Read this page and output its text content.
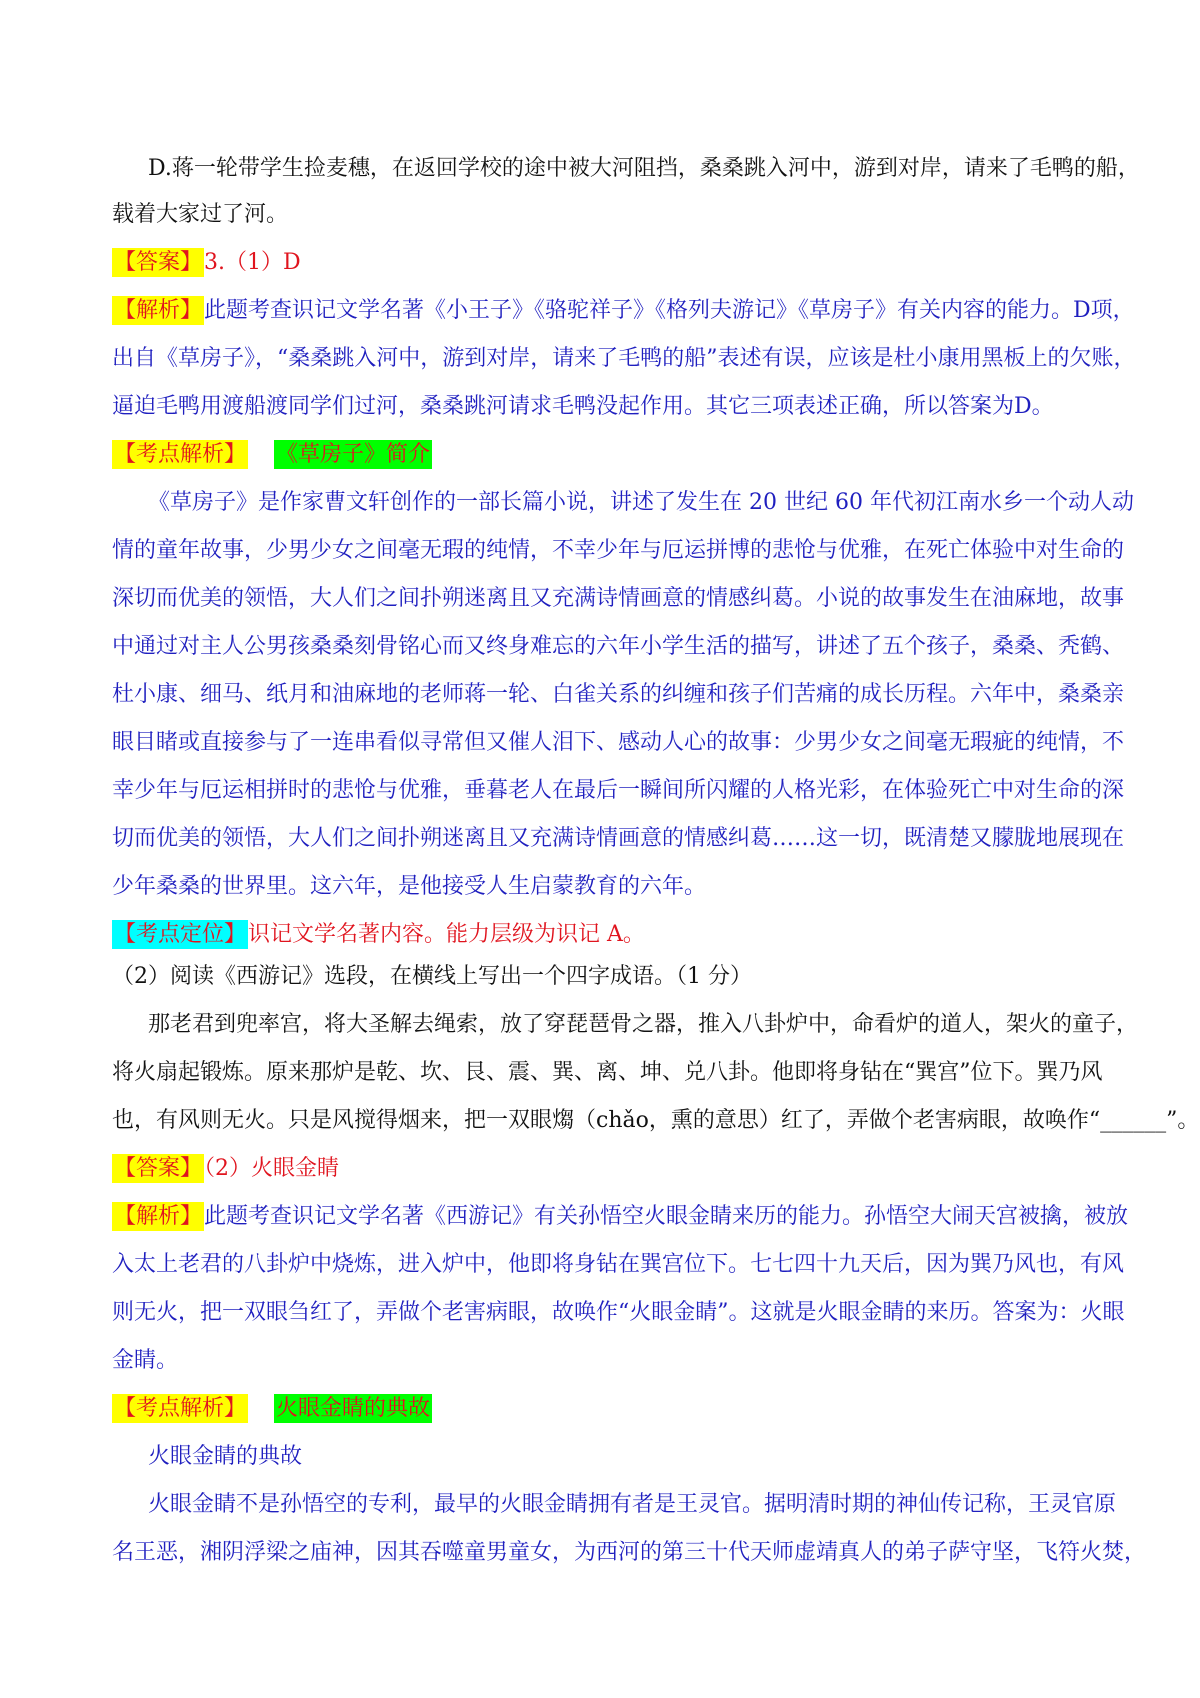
D.蒋一轮带学生捡麦穗，在返回学校的途中被大河阻挡，桑桑跳入河中，游到对岸，请来了毛鸭的船，
载着大家过了河。
【答案】3.（1）D
【解析】此题考查识记文学名著《小王子》《骆驼祥子》《格列夫游记》《草房子》有关内容的能力。D项，
出自《草房子》，“桑桑跳入河中，游到对岸，请来了毛鸭的船”表述有误，应该是杜小康用黑板上的欠账，
逼迫毛鸭用渡船渡同学们过河，桑桑跳河请求毛鸭没起作用。其它三项表述正确，所以答案为D。
【考点解析】 《草房子》简介
《草房子》是作家曹文轩创作的一部长篇小说，讲述了发生在 20 世纪 60 年代初江南水乡一个动人动
情的童年故事，少男少女之间毫无瑕的纯情，不幸少年与厄运拼博的悲怆与优雅，在死亡体验中对生命的
深切而优美的领悟，大人们之间扑朔迷离且又充满诗情画意的情感纠葛。小说的故事发生在油麻地，故事
中通过对主人公男孩桑桑刻骨铭心而又终身难忘的六年小学生活的描写，讲述了五个孩子，桑桑、秃鹤、
杜小康、细马、纸月和油麻地的老师蒋一轮、白雀关系的纠缠和孩子们苦痛的成长历程。六年中，桑桑亲
眼目睹或直接参与了一连串看似寻常但又催人泪下、感动人心的故事：少男少女之间毫无瑕疵的纯情，不
幸少年与厄运相拼时的悲怆与优雅，垂暮老人在最后一瞬间所闪耀的人格光彩，在体验死亡中对生命的深
切而优美的领悟，大人们之间扑朔迷离且又充满诗情画意的情感纠葛……这一切，既清楚又朦胧地展现在
少年桑桑的世界里。这六年，是他接受人生启蒙教育的六年。
【考点定位】识记文学名著内容。能力层级为识记 A。
（2）阅读《西游记》选段，在横线上写出一个四字成语。（1 分）
那老君到兜率宫，将大圣解去绳索，放了穿琵琶骨之器，推入八卦炉中，命看炉的道人，架火的童子，
将火扇起锻炼。原来那炉是乾、坎、艮、震、巽、离、坤、兑八卦。他即将身钻在“巽宫”位下。巽乃风
也，有风则无火。只是风搅得烟来，把一双眼煼（chǎo，熏的意思）红了，弄做个老害病眼，故唤作“______”。
【答案】（2）火眼金睛
【解析】此题考查识记文学名著《西游记》有关孙悟空火眼金睛来历的能力。孙悟空大闹天宫被擒，被放
入太上老君的八卦炉中烧炼，进入炉中，他即将身钻在巽宫位下。七七四十九天后，因为巽乃风也，有风
则无火，把一双眼刍红了，弄做个老害病眼，故唤作“火眼金睛”。这就是火眼金睛的来历。答案为：火眼
金睛。
【考点解析】 火眼金睛的典故
火眼金睛的典故
火眼金睛不是孙悟空的专利，最早的火眼金睛拥有者是王灵官。据明清时期的神仙传记称，王灵官原
名王恶，湘阴浮梁之庙神，因其吞噬童男童女，为西河的第三十代天师虚靖真人的弟子萨守坚，飞符火焚，
